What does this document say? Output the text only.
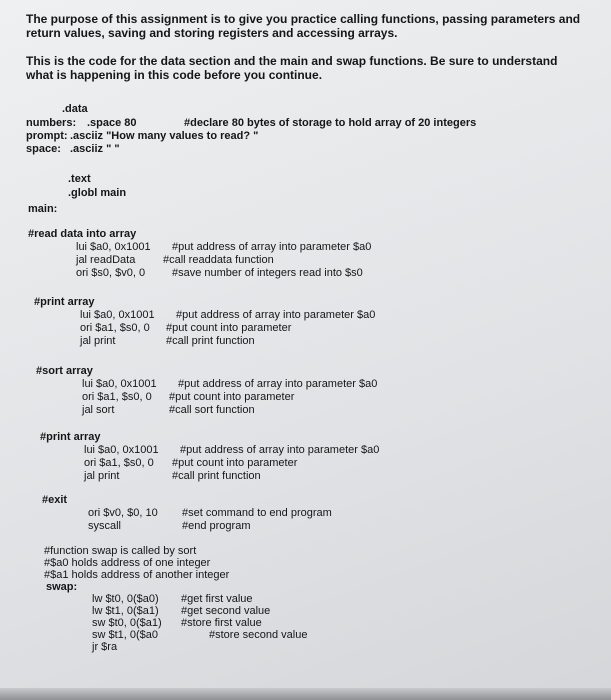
The purpose of this assignment is to give you practice calling functions, passing parameters and return values, saving and storing registers and accessing arrays.

This is the code for the data section and the main and swap functions. Be sure to understand what is happening in this code before you continue.

.data
numbers: .space 80	#declare 80 bytes of storage to hold array of 20 integers
prompt: .asciiz "How many values to read? "
space: .asciiz " "
.text
.globl main
main:
#read data into array
lui $a0, 0x1001 #put address of array into parameter $a0
jal readData	#call readdata function
ori $s0, $v0, 0 #save number of integers read into $s0
#print array
lui $a0, 0x1001 #put address of array into parameter $a0
ori $a1, $s0, 0 #put count into parameter
jal print	#call print function
#sort array
lui $a0, 0x1001 #put address of array into parameter $a0
ori $a1, $s0, 0 #put count into parameter
jal sort	#call sort function
#print array
lui $a0, 0x1001 #put address of array into parameter $a0
ori $a1, $s0, 0 #put count into parameter
jal print	#call print function
#exit
ori $v0, $0, 10 #set command to end program
syscall	#end program
#function swap is called by sort
#$a0 holds address of one integer
#$a1 holds address of another integer
swap:
lw $t0, 0($a0) #get first value
lw $t1, 0($a1) #get second value
sw $t0, 0($a1) #store first value
sw $t1, 0($a0	#store second value
jr $ra
